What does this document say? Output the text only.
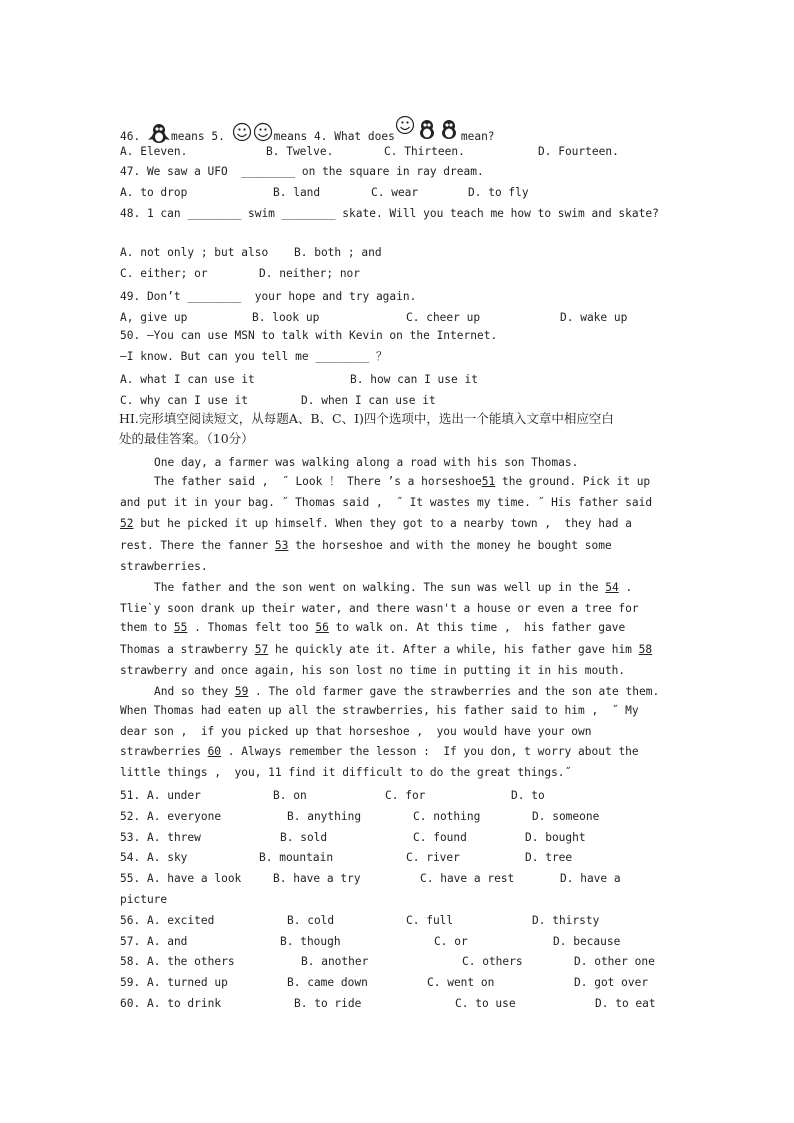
46.	means 5.	means 4. What does	mean?
A. Eleven.	B. Twelve.	C. Thirteen.	D. Fourteen.
47. We saw a UFO  ________ on the square in ray dream.
A. to drop	B. land	C. wear	D. to fly
48. 1 can ________ swim ________ skate. Will you teach me how to swim and skate?
A. not only ; but also B. both ; and
C. either; or	D. neither; nor
49. Don’t ________  your hope and try again.
A, give up	B. look up	C. cheer up	D. wake up
50. —You can use MSN to talk with Kevin on the Internet.
—I know. But can you tell me ________ ？
A. what I can use it	B. how can I use it
C. why can I use it	D. when I can use it
HI.完形填空阅读短文，从每题A、B、C、I)四个选项中，选出一个能填入文章中相应空白
处的最佳答案。（10分）
One day, a farmer was walking along a road with his son Thomas.
The father said ,  ˝ Look ！ There ’s a horseshoe51 the ground. Pick it up
and put it in your bag. ˝ Thomas said ,  ˝ It wastes my time. ˝ His father said
52 but he picked it up himself. When they got to a nearby town ,  they had a
rest. There the fanner 53 the horseshoe and with the money he bought some
strawberries.
The father and the son went on walking. The sun was well up in the 54 .
Tlie`y soon drank up their water, and there wasn't a house or even a tree for
them to 55 . Thomas felt too 56 to walk on. At this time ,  his father gave
Thomas a strawberry 57 he quickly ate it. After a while, his father gave him 58
strawberry and once again, his son lost no time in putting it in his mouth.
And so they 59 . The old farmer gave the strawberries and the son ate them.
When Thomas had eaten up all the strawberries, his father said to him ,  ˝ My
dear son ,  if you picked up that horseshoe ,  you would have your own
strawberries 60 . Always remember the lesson :  If you don, t worry about the
little things ,  you, 11 find it difficult to do the great things.˝
51. A. under	B. on	C. for	D. to
52. A. everyone	B. anything	C. nothing	D. someone
53. A. threw	B. sold	C. found	D. bought
54. A. sky	B. mountain	C. river	D. tree
55. A. have a look	B. have a try	C. have a rest	D. have a
picture
56. A. excited	B. cold	C. full	D. thirsty
57. A. and	B. though	C. or	D. because
58. A. the others	B. another	C. others	D. other one
59. A. turned up	B. came down	C. went on	D. got over
60. A. to drink	B. to ride	C. to use	D. to eat
